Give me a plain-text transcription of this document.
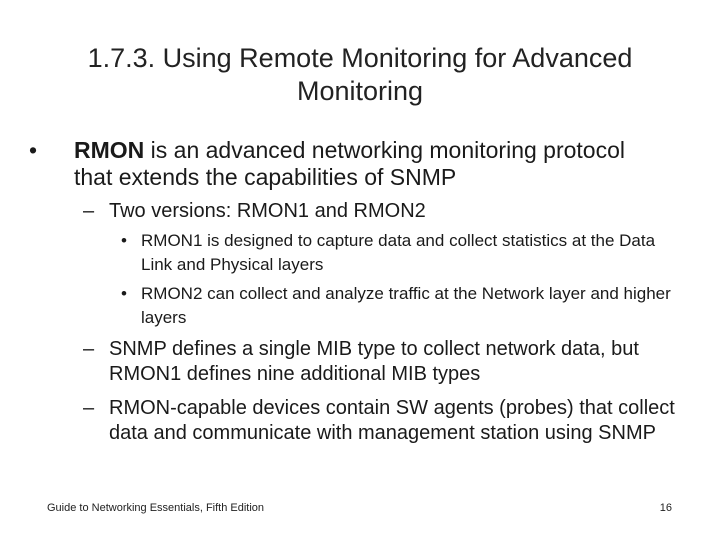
1.7.3. Using Remote Monitoring for Advanced
Monitoring
•	RMON is an advanced networking monitoring protocol that extends the capabilities of SNMP
– Two versions: RMON1 and RMON2
• RMON1 is designed to capture data and collect statistics at the Data Link and Physical layers
• RMON2 can collect and analyze traffic at the Network layer and higher layers
– SNMP defines a single MIB type to collect network data, but RMON1 defines nine additional MIB types
– RMON-capable devices contain SW agents (probes) that collect data and communicate with management station using SNMP
Guide to Networking Essentials, Fifth Edition	16
